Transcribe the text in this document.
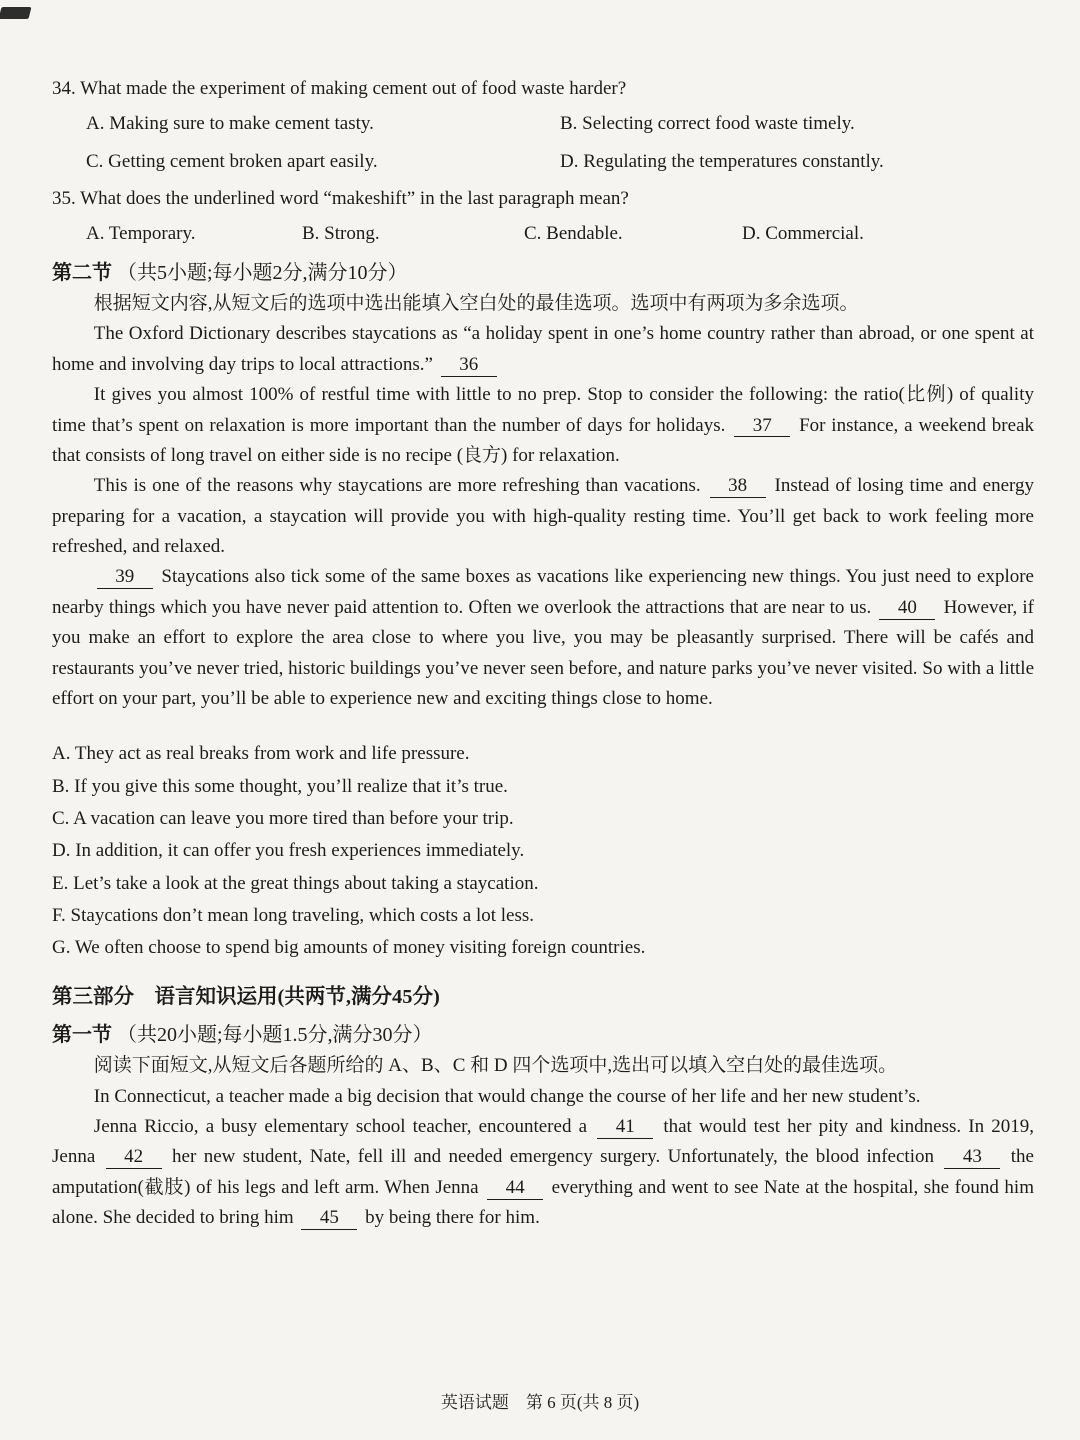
34. What made the experiment of making cement out of food waste harder?
A. Making sure to make cement tasty.	B. Selecting correct food waste timely.
C. Getting cement broken apart easily.	D. Regulating the temperatures constantly.
35. What does the underlined word “makeshift” in the last paragraph mean?
A. Temporary.	B. Strong.	C. Bendable.	D. Commercial.
第二节 （共5小题;每小题2分,满分10分）
根据短文内容,从短文后的选项中选出能填入空白处的最佳选项。选项中有两项为多余选项。
The Oxford Dictionary describes staycations as “a holiday spent in one’s home country rather than abroad, or one spent at home and involving day trips to local attractions.” 36
It gives you almost 100% of restful time with little to no prep. Stop to consider the following: the ratio(比例) of quality time that’s spent on relaxation is more important than the number of days for holidays. 37 For instance, a weekend break that consists of long travel on either side is no recipe (良方) for relaxation.
This is one of the reasons why staycations are more refreshing than vacations. 38 Instead of losing time and energy preparing for a vacation, a staycation will provide you with high-quality resting time. You’ll get back to work feeling more refreshed, and relaxed.
39 Staycations also tick some of the same boxes as vacations like experiencing new things. You just need to explore nearby things which you have never paid attention to. Often we overlook the attractions that are near to us. 40 However, if you make an effort to explore the area close to where you live, you may be pleasantly surprised. There will be cafés and restaurants you’ve never tried, historic buildings you’ve never seen before, and nature parks you’ve never visited. So with a little effort on your part, you’ll be able to experience new and exciting things close to home.
A. They act as real breaks from work and life pressure.
B. If you give this some thought, you’ll realize that it’s true.
C. A vacation can leave you more tired than before your trip.
D. In addition, it can offer you fresh experiences immediately.
E. Let’s take a look at the great things about taking a staycation.
F. Staycations don’t mean long traveling, which costs a lot less.
G. We often choose to spend big amounts of money visiting foreign countries.
第三部分　语言知识运用(共两节,满分45分)
第一节 （共20小题;每小题1.5分,满分30分）
阅读下面短文,从短文后各题所给的 A、B、C 和 D 四个选项中,选出可以填入空白处的最佳选项。
In Connecticut, a teacher made a big decision that would change the course of her life and her new student’s.
Jenna Riccio, a busy elementary school teacher, encountered a 41 that would test her pity and kindness. In 2019, Jenna 42 her new student, Nate, fell ill and needed emergency surgery. Unfortunately, the blood infection 43 the amputation(截肢) of his legs and left arm. When Jenna 44 everything and went to see Nate at the hospital, she found him alone. She decided to bring him 45 by being there for him.
英语试题　第 6 页(共 8 页)
